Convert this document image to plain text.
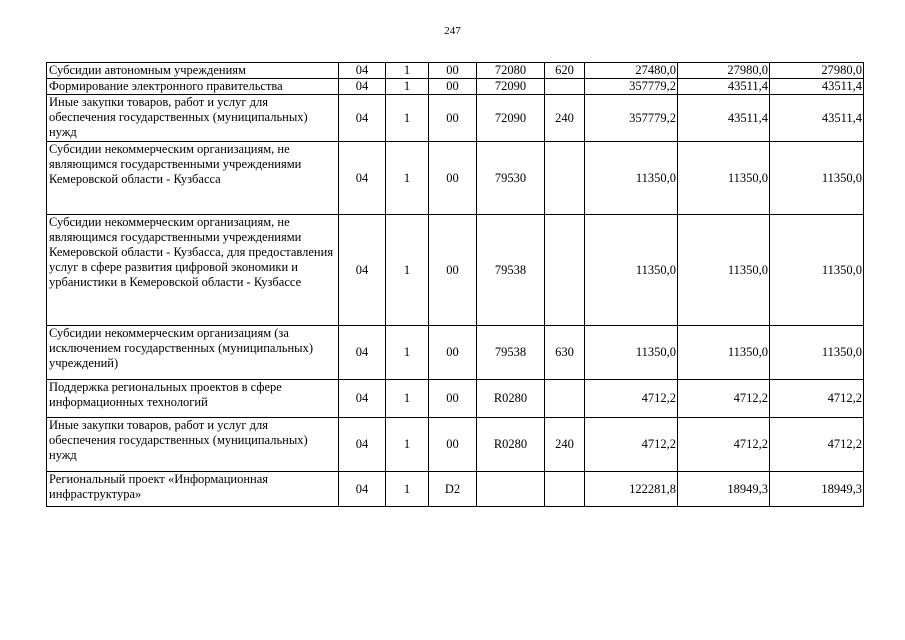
247
Субсидии автономным учреждениям	04	1	00	72080	620	27480,0	27980,0	27980,0
Формирование электронного правительства	04	1	00	72090		357779,2	43511,4	43511,4
Иные закупки товаров, работ и услуг для обеспечения государственных (муниципальных) нужд	04	1	00	72090	240	357779,2	43511,4	43511,4
Субсидии некоммерческим организациям, не являющимся государственными учреждениями Кемеровской области - Кузбасса	04	1	00	79530		11350,0	11350,0	11350,0
Субсидии некоммерческим организациям, не являющимся государственными учреждениями Кемеровской области - Кузбасса, для предоставления услуг в сфере развития цифровой экономики и урбанистики в Кемеровской области - Кузбассе	04	1	00	79538		11350,0	11350,0	11350,0
Субсидии некоммерческим организациям (за исключением государственных (муниципальных) учреждений)	04	1	00	79538	630	11350,0	11350,0	11350,0
Поддержка региональных проектов в сфере информационных технологий	04	1	00	R0280		4712,2	4712,2	4712,2
Иные закупки товаров, работ и услуг для обеспечения государственных (муниципальных) нужд	04	1	00	R0280	240	4712,2	4712,2	4712,2
Региональный проект «Информационная инфраструктура»	04	1	D2			122281,8	18949,3	18949,3
